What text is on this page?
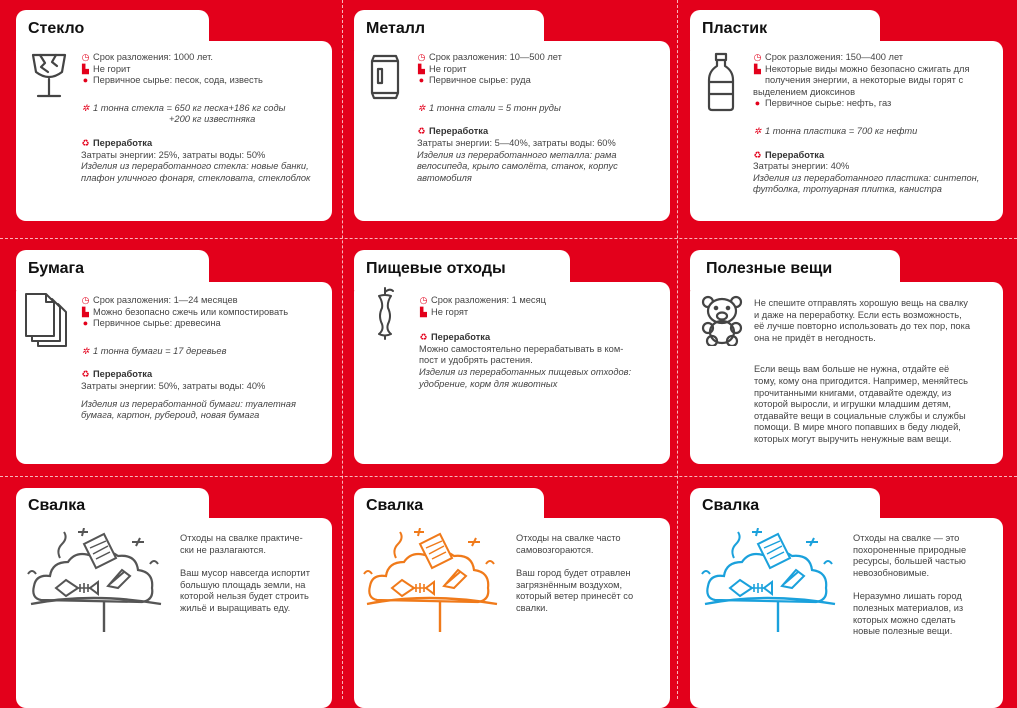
Стекло
◷ Срок разложения: 1000 лет.
▙ Не горит
● Первичное сырье: песок, сода, известь
✲ 1 тонна стекла = 650 кг песка+186 кг соды
+200 кг известняка
♻ Переработка
Затраты энергии: 25%, затраты воды: 50%
Изделия из переработанного стекла: новые банки,
плафон уличного фонаря, стекловата, стеклоблок
Металл
◷ Срок разложения: 10—500 лет
▙ Не горит
● Первичное сырье: руда
✲ 1 тонна стали = 5 тонн руды
♻ Переработка
Затраты энергии: 5—40%, затраты воды: 60%
Изделия из переработанного металла: рама
велосипеда, крыло самолёта, станок, корпус
автомобиля
Пластик
◷ Срок разложения: 150—400 лет
▙ Некоторые виды можно безопасно сжигать для
получения энергии, а некоторые виды горят с
выделением диоксинов
● Первичное сырье: нефть, газ
✲ 1 тонна пластика = 700 кг нефти
♻ Переработка
Затраты энергии: 40%
Изделия из переработанного пластика: синтепон,
футболка, тротуарная плитка, канистра
Бумага
◷ Срок разложения: 1—24 месяцев
▙ Можно безопасно сжечь или компостировать
● Первичное сырье: древесина
✲ 1 тонна бумаги = 17 деревьев
♻ Переработка
Затраты энергии: 50%, затраты воды: 40%
Изделия из переработанной бумаги: туалетная
бумага, картон, рубероид, новая бумага
Пищевые отходы
◷ Срок разложения: 1 месяц
▙ Не горят
♻ Переработка
Можно самостоятельно перерабатывать в ком-
пост и удобрять растения.
Изделия из переработанных пищевых отходов:
удобрение, корм для животных
Полезные вещи
Не спешите отправлять хорошую вещь на свалку
и даже на переработку. Если есть возможность,
её лучше повторно использовать до тех пор, пока
она не придёт в негодность.
Если вещь вам больше не нужна, отдайте её
тому, кому она пригодится. Например, меняйтесь
прочитанными книгами, отдавайте одежду, из
которой выросли, и игрушки младшим детям,
отдавайте вещи в социальные службы и службы
помощи. В мире много попавших в беду людей,
которых могут выручить ненужные вам вещи.
Свалка
Отходы на свалке практиче-
ски не разлагаются.
Ваш мусор навсегда испортит
большую площадь земли, на
которой нельзя будет строить
жильё и выращивать еду.
Свалка
Отходы на свалке часто
самовозгораются.
Ваш город будет отравлен
загрязнённым воздухом,
который ветер принесёт со
свалки.
Свалка
Отходы на свалке — это
похороненные природные
ресурсы, большей частью
невозобновимые.
Неразумно лишать город
полезных материалов, из
которых можно сделать
новые полезные вещи.
